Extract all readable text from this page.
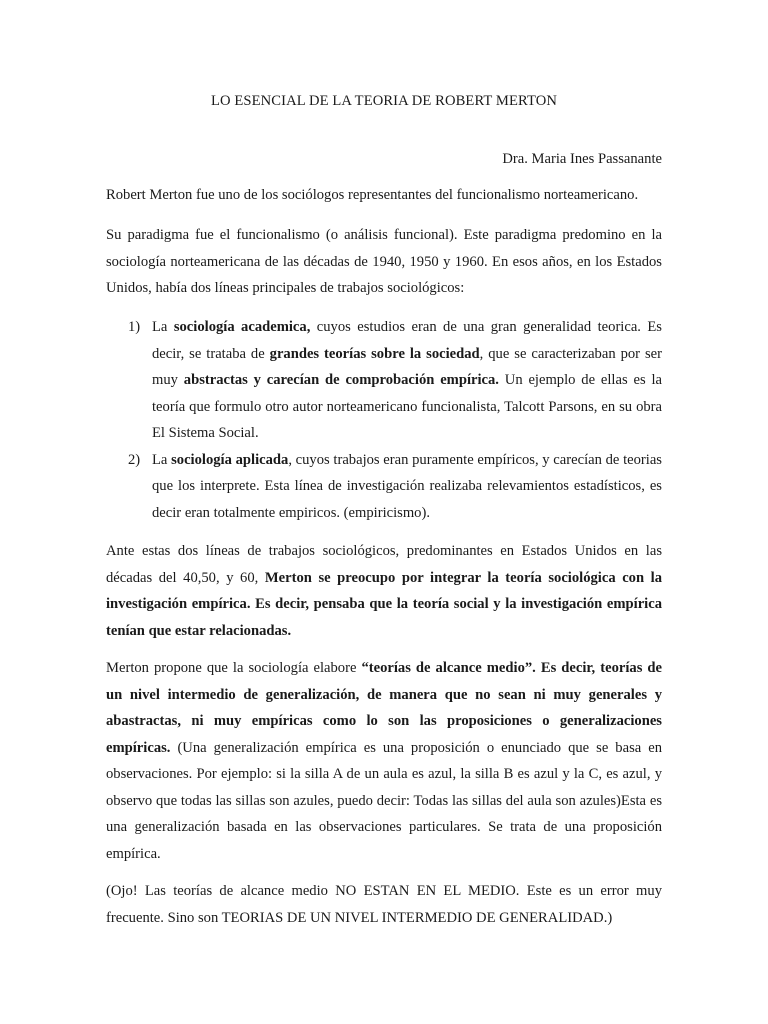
LO ESENCIAL DE LA TEORIA DE ROBERT MERTON
Dra. Maria Ines Passanante
Robert Merton fue uno de los sociólogos representantes del funcionalismo norteamericano.
Su paradigma fue el funcionalismo (o análisis funcional). Este paradigma predomino en la sociología norteamericana de las décadas de 1940, 1950 y 1960. En esos años, en los Estados Unidos, había dos líneas principales de trabajos sociológicos:
1) La sociología academica, cuyos estudios eran de una gran generalidad teorica. Es decir, se trataba de grandes teorías sobre la sociedad, que se caracterizaban por ser muy abstractas y carecían de comprobación empírica. Un ejemplo de ellas es la teoría que formulo otro autor norteamericano funcionalista, Talcott Parsons, en su obra El Sistema Social.
2) La sociología aplicada, cuyos trabajos eran puramente empíricos, y carecían de teorias que los interprete. Esta línea de investigación realizaba relevamientos estadísticos, es decir eran totalmente empiricos. (empiricismo).
Ante estas dos líneas de trabajos sociológicos, predominantes en Estados Unidos en las décadas del 40,50, y 60, Merton se preocupo por integrar la teoría sociológica con la investigación empírica. Es decir, pensaba que la teoría social y la investigación empírica tenían que estar relacionadas.
Merton propone que la sociología elabore “teorías de alcance medio”. Es decir, teorías de un nivel intermedio de generalización, de manera que no sean ni muy generales y abastractas, ni muy empíricas como lo son las proposiciones o generalizaciones empíricas. (Una generalización empírica es una proposición o enunciado que se basa en observaciones. Por ejemplo: si la silla A de un aula es azul, la silla B es azul y la C, es azul, y observo que todas las sillas son azules, puedo decir: Todas las sillas del aula son azules)Esta es una generalización basada en las observaciones particulares. Se trata de una proposición empírica.
(Ojo! Las teorías de alcance medio NO ESTAN EN EL MEDIO. Este es un error muy frecuente. Sino son TEORIAS DE UN NIVEL INTERMEDIO DE GENERALIDAD.)
